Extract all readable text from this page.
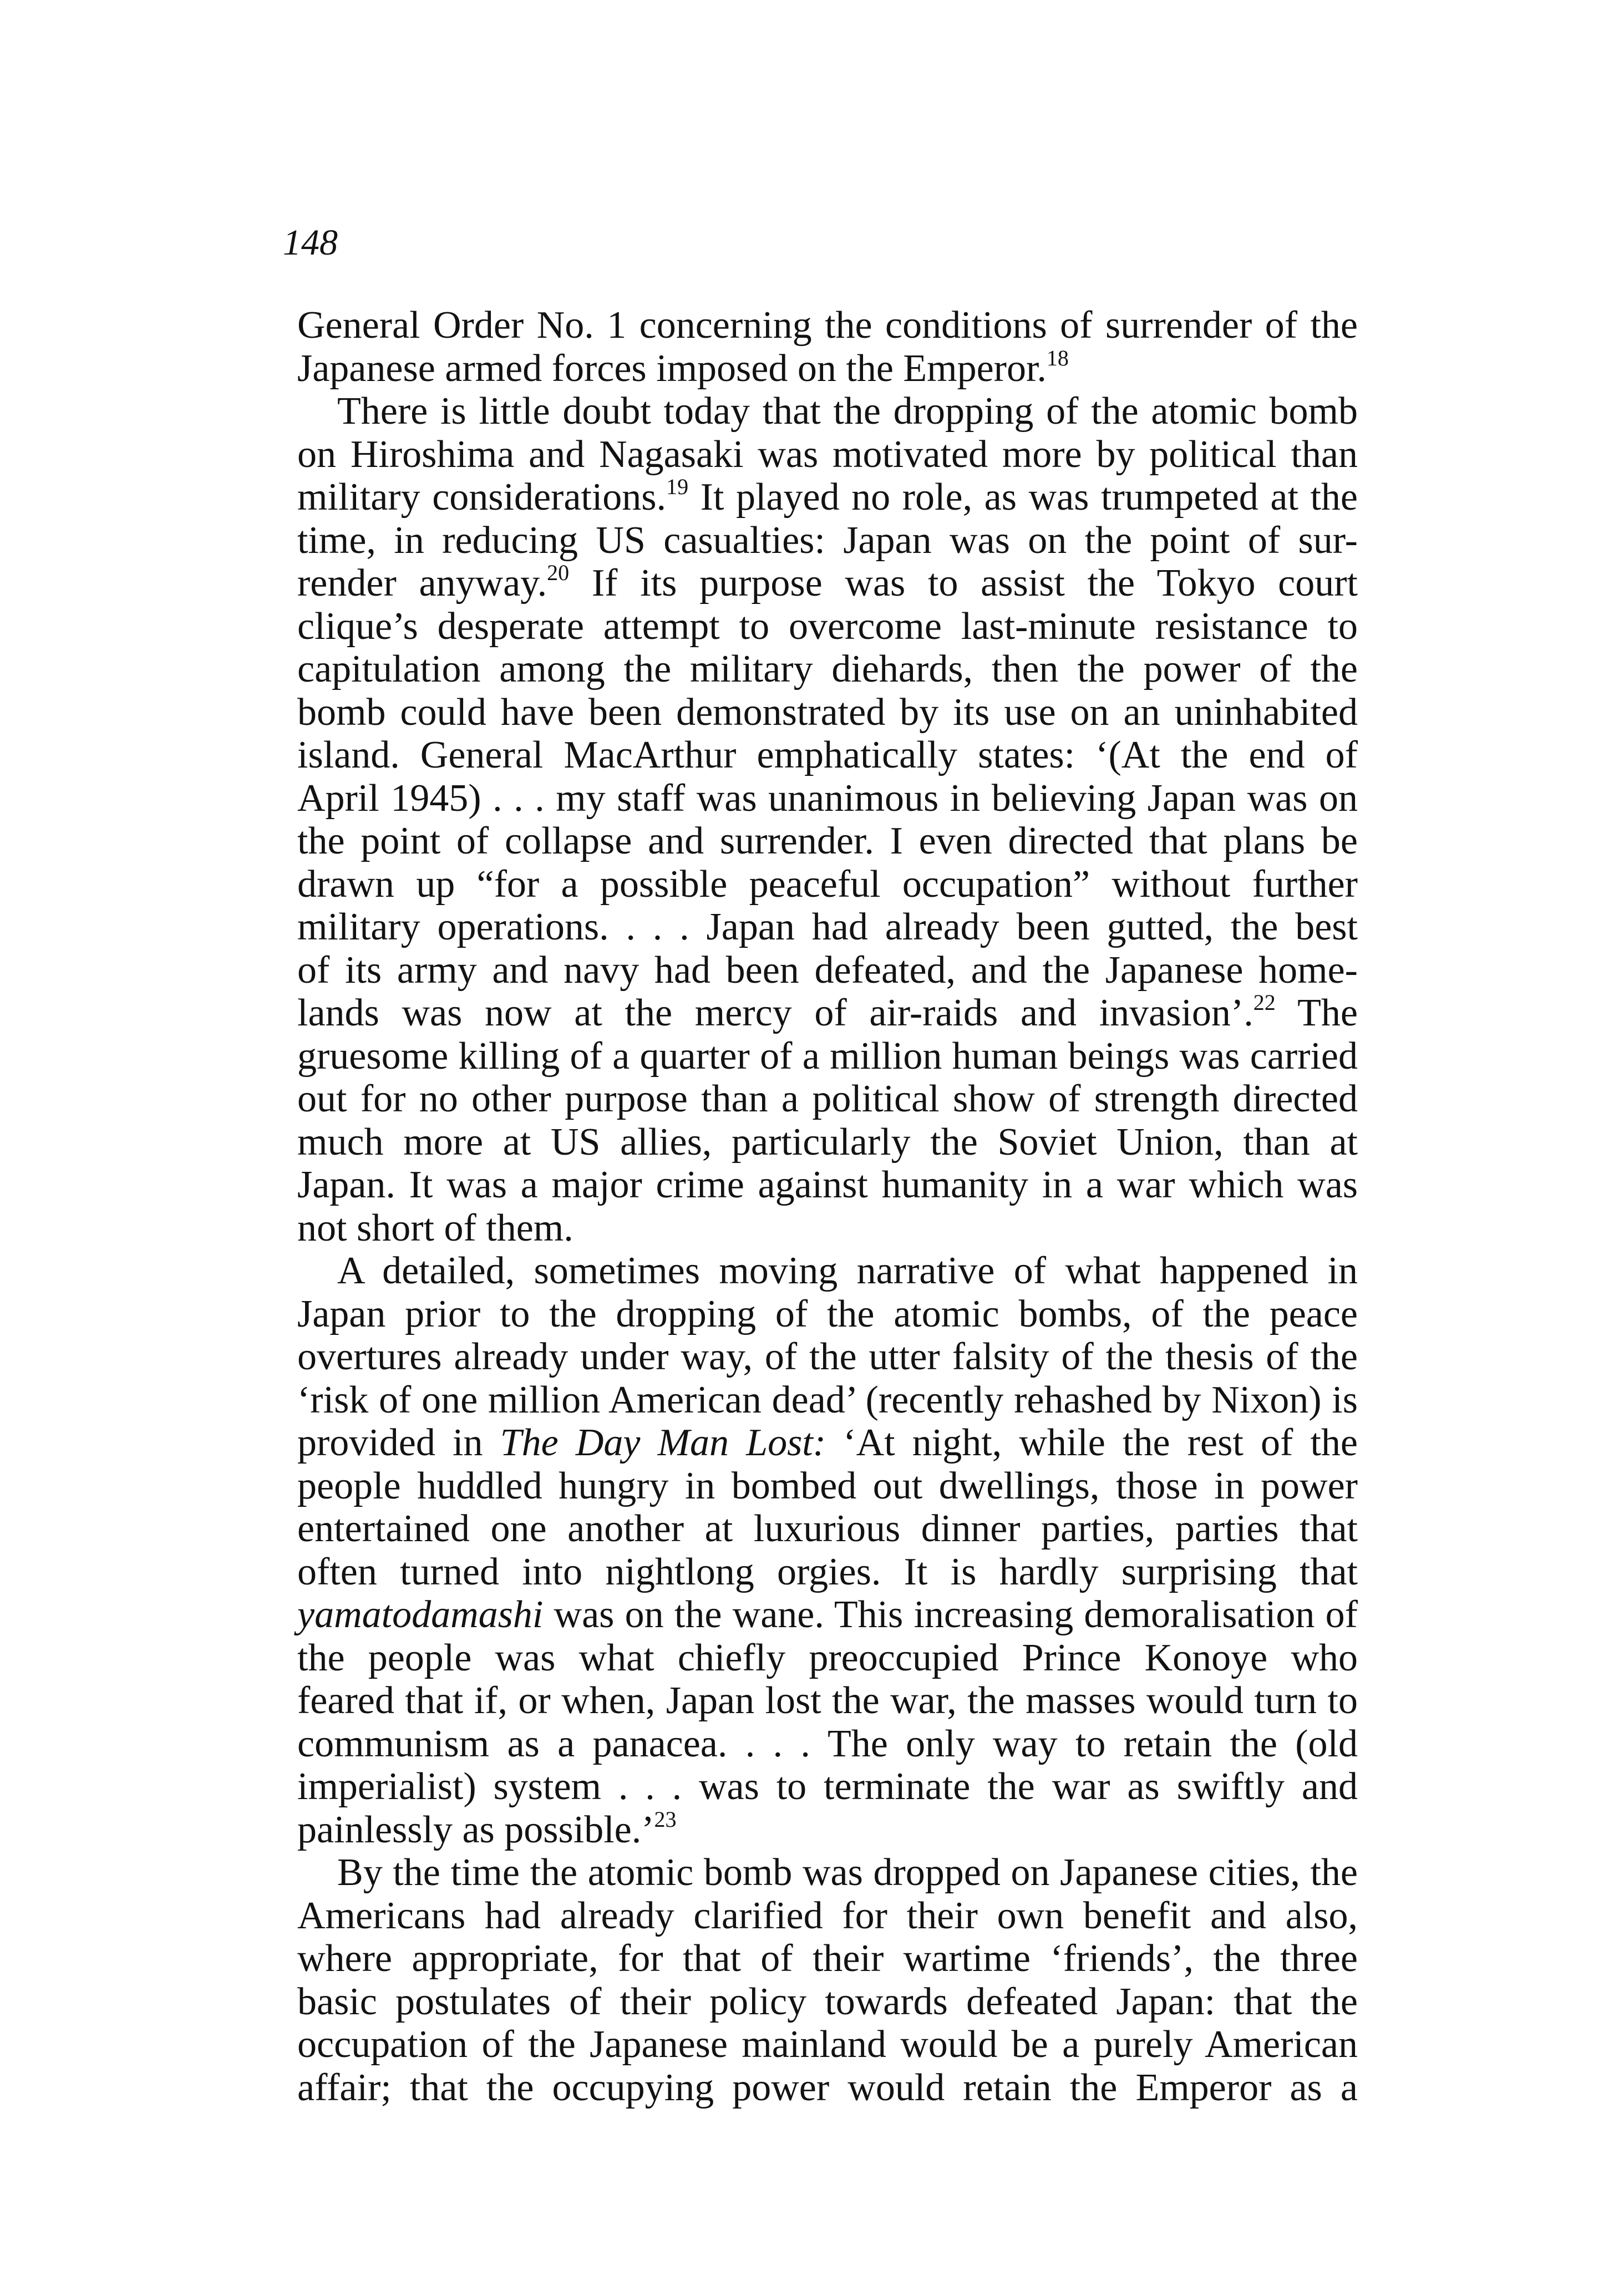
148
General Order No. 1 concerning the conditions of surrender of the
Japanese armed forces imposed on the Emperor.$^{18}$
There is little doubt today that the dropping of the atomic bomb
on Hiroshima and Nagasaki was motivated more by political than
military considerations.$^{19}$ It played no role, as was trumpeted at the
time, in reducing US casualties: Japan was on the point of sur-
render anyway.$^{20}$ If its purpose was to assist the Tokyo court
clique’s desperate attempt to overcome last-minute resistance to
capitulation among the military diehards, then the power of the
bomb could have been demonstrated by its use on an uninhabited
island. General MacArthur emphatically states: ‘(At the end of
April 1945) . . . my staff was unanimous in believing Japan was on
the point of collapse and surrender. I even directed that plans be
drawn up “for a possible peaceful occupation” without further
military operations. . . . Japan had already been gutted, the best
of its army and navy had been defeated, and the Japanese home-
lands was now at the mercy of air-raids and invasion’.$^{22}$ The
gruesome killing of a quarter of a million human beings was carried
out for no other purpose than a political show of strength directed
much more at US allies, particularly the Soviet Union, than at
Japan. It was a major crime against humanity in a war which was
not short of them.
A detailed, sometimes moving narrative of what happened in
Japan prior to the dropping of the atomic bombs, of the peace
overtures already under way, of the utter falsity of the thesis of the
‘risk of one million American dead’ (recently rehashed by Nixon) is
provided in The Day Man Lost: ‘At night, while the rest of the
people huddled hungry in bombed out dwellings, those in power
entertained one another at luxurious dinner parties, parties that
often turned into nightlong orgies. It is hardly surprising that
yamatodamashi was on the wane. This increasing demoralisation of
the people was what chiefly preoccupied Prince Konoye who
feared that if, or when, Japan lost the war, the masses would turn to
communism as a panacea. . . . The only way to retain the (old
imperialist) system . . . was to terminate the war as swiftly and
painlessly as possible.’$^{23}$
By the time the atomic bomb was dropped on Japanese cities, the
Americans had already clarified for their own benefit and also,
where appropriate, for that of their wartime ‘friends’, the three
basic postulates of their policy towards defeated Japan: that the
occupation of the Japanese mainland would be a purely American
affair; that the occupying power would retain the Emperor as a
